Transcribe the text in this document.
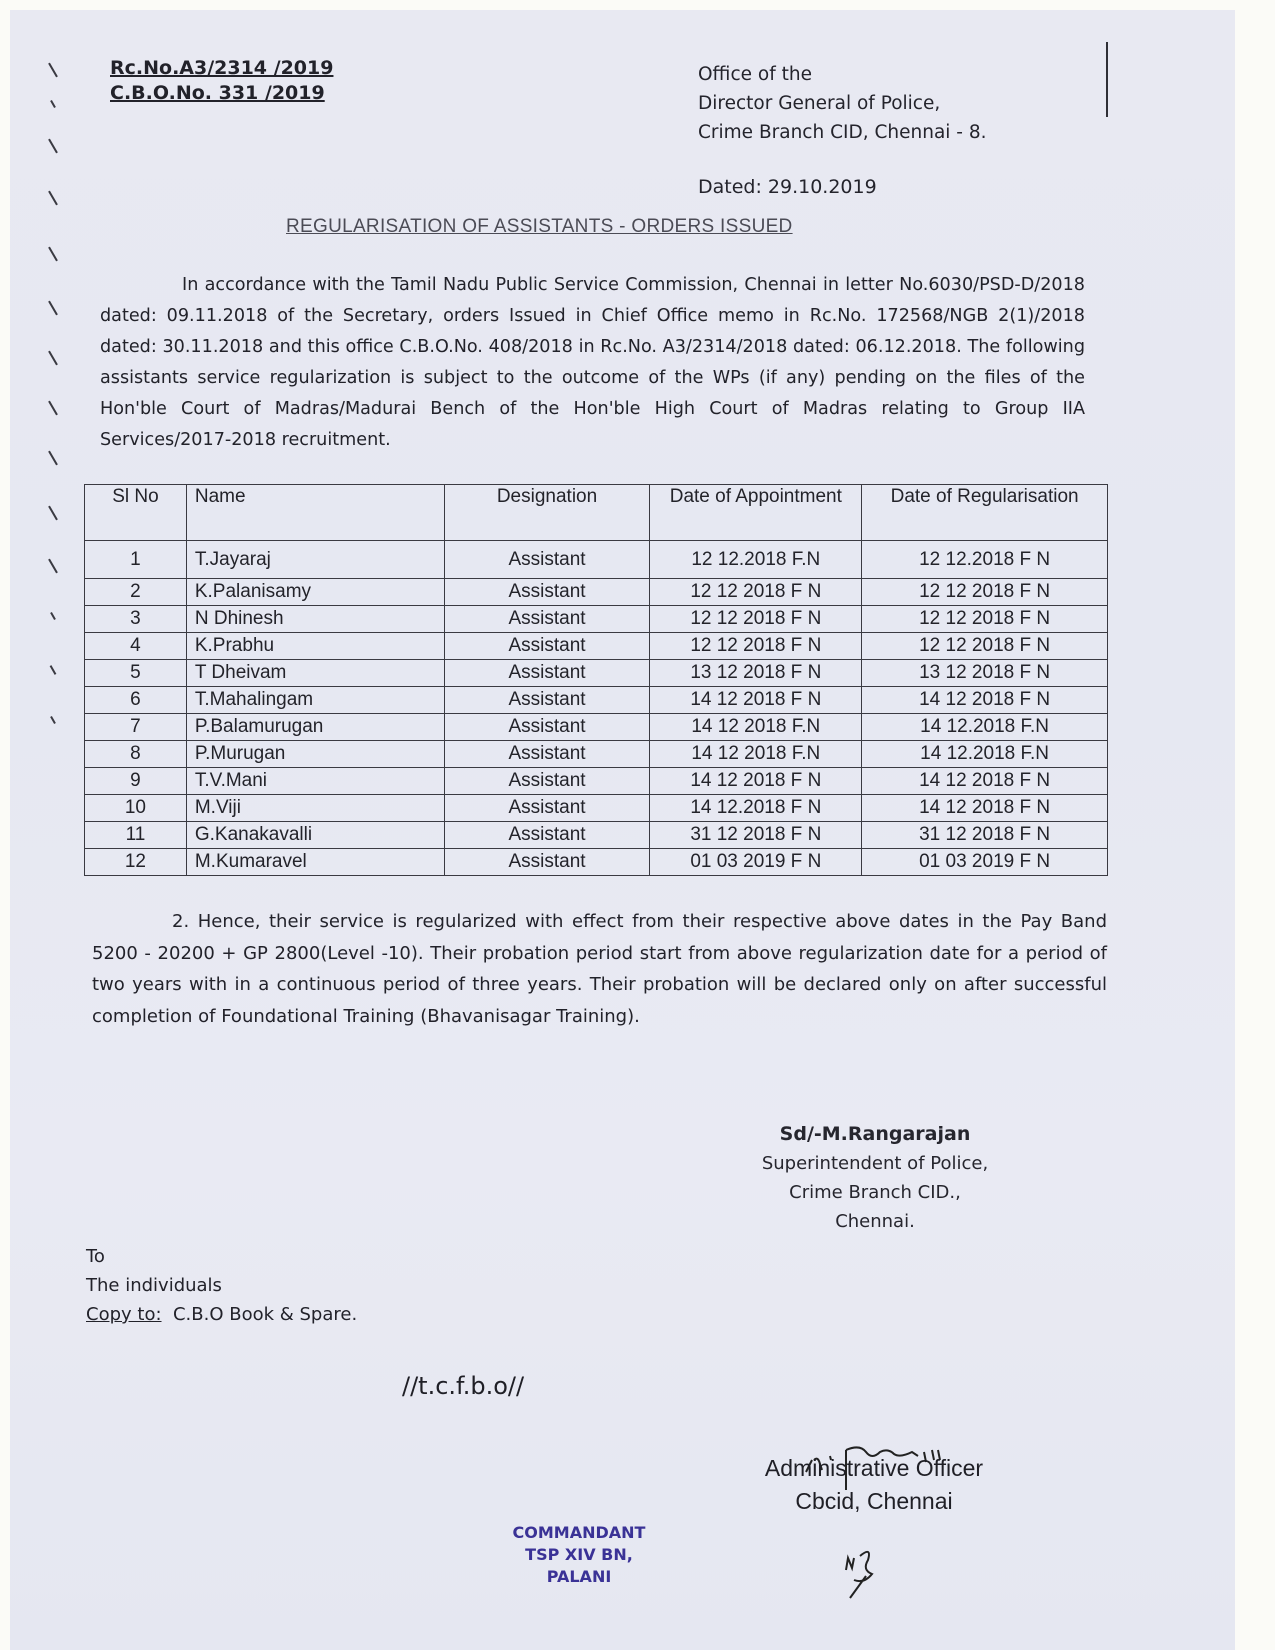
Rc.No.A3/2314 /2019
C.B.O.No. 331 /2019
Office of the
Director General of Police,
Crime Branch CID, Chennai - 8.
Dated: 29.10.2019
REGULARISATION OF ASSISTANTS - ORDERS ISSUED

In accordance with the Tamil Nadu Public Service Commission, Chennai in letter No.6030/PSD-D/2018 dated: 09.11.2018 of the Secretary, orders Issued in Chief Office memo in Rc.No. 172568/NGB 2(1)/2018 dated: 30.11.2018 and this office C.B.O.No. 408/2018 in Rc.No. A3/2314/2018 dated: 06.12.2018. The following assistants service regularization is subject to the outcome of the WPs (if any) pending on the files of the Hon'ble Court of Madras/Madurai Bench of the Hon'ble High Court of Madras relating to Group IIA Services/2017-2018 recruitment.

Sl No	Name	Designation	Date of Appointment	Date of Regularisation
1	T.Jayaraj	Assistant	12 12.2018 F.N	12 12.2018 F N
2	K.Palanisamy	Assistant	12 12 2018 F N	12 12 2018 F N
3	N Dhinesh	Assistant	12 12 2018 F N	12 12 2018 F N
4	K.Prabhu	Assistant	12 12 2018 F N	12 12 2018 F N
5	T Dheivam	Assistant	13 12 2018 F N	13 12 2018 F N
6	T.Mahalingam	Assistant	14 12 2018 F N	14 12 2018 F N
7	P.Balamurugan	Assistant	14 12 2018 F.N	14 12.2018 F.N
8	P.Murugan	Assistant	14 12 2018 F.N	14 12.2018 F.N
9	T.V.Mani	Assistant	14 12 2018 F N	14 12 2018 F N
10	M.Viji	Assistant	14 12.2018 F N	14 12 2018 F N
11	G.Kanakavalli	Assistant	31 12 2018 F N	31 12 2018 F N
12	M.Kumaravel	Assistant	01 03 2019 F N	01 03 2019 F N

2. Hence, their service is regularized with effect from their respective above dates in the Pay Band 5200 - 20200 + GP 2800(Level -10). Their probation period start from above regularization date for a period of two years with in a continuous period of three years. Their probation will be declared only on after successful completion of Foundational Training (Bhavanisagar Training).

Sd/-M.Rangarajan
Superintendent of Police,
Crime Branch CID.,
Chennai.
To
The individuals
Copy to: C.B.O Book & Spare.
//t.c.f.b.o//
Administrative Officer
Cbcid, Chennai
COMMANDANT
TSP XIV BN,
PALANI
